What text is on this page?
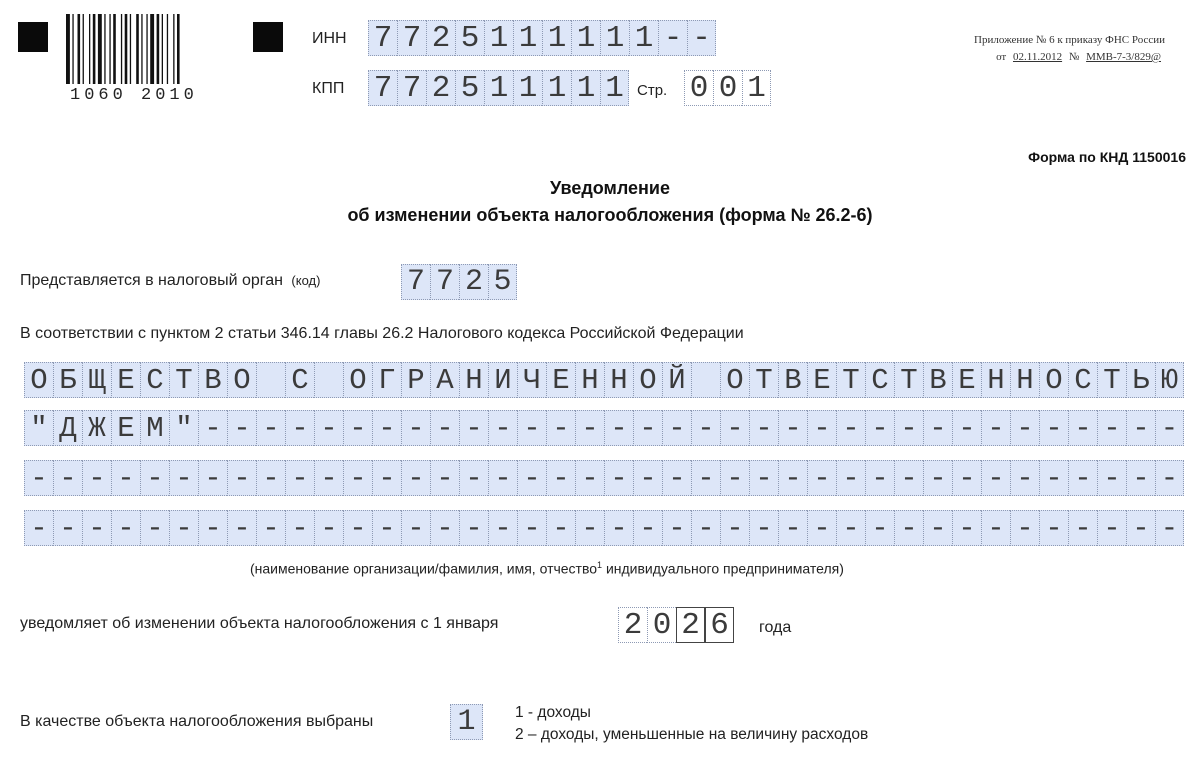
1060 2010
ИНН 7 7 2 5 1 1 1 1 1 1 - -
КПП 7 7 2 5 1 1 1 1 1 Стр. 0 0 1
Приложение № 6 к приказу ФНС России
от 02.11.2012 № ММВ-7-3/829@
Форма по КНД 1150016
Уведомление
об изменении объекта налогообложения (форма № 26.2-6)
Представляется в налоговый орган (код)	7 7 2 5
В соответствии с пунктом 2 статьи 346.14 главы 26.2 Налогового кодекса Российской Федерации
О Б Щ Е С Т В О С О Г Р А Н И Ч Е Н Н О Й О Т В Е Т С Т В Е Н Н О С Т Ь Ю
" Д Ж Е М " - - - - - - - - - - - - - - - - - - - - - - - - - - - - - - - - - -
- - - - - - - - - - - - - - - - - - - - - - - - - - - - - - - - - - - - - - - -
- - - - - - - - - - - - - - - - - - - - - - - - - - - - - - - - - - - - - - - -
(наименование организации/фамилия, имя, отчество$^1$ индивидуального предпринимателя)
уведомляет об изменении объекта налогообложения с 1 января	2 0 2 6	года
В качестве объекта налогообложения выбраны	1	1 - доходы
2 – доходы, уменьшенные на величину расходов
